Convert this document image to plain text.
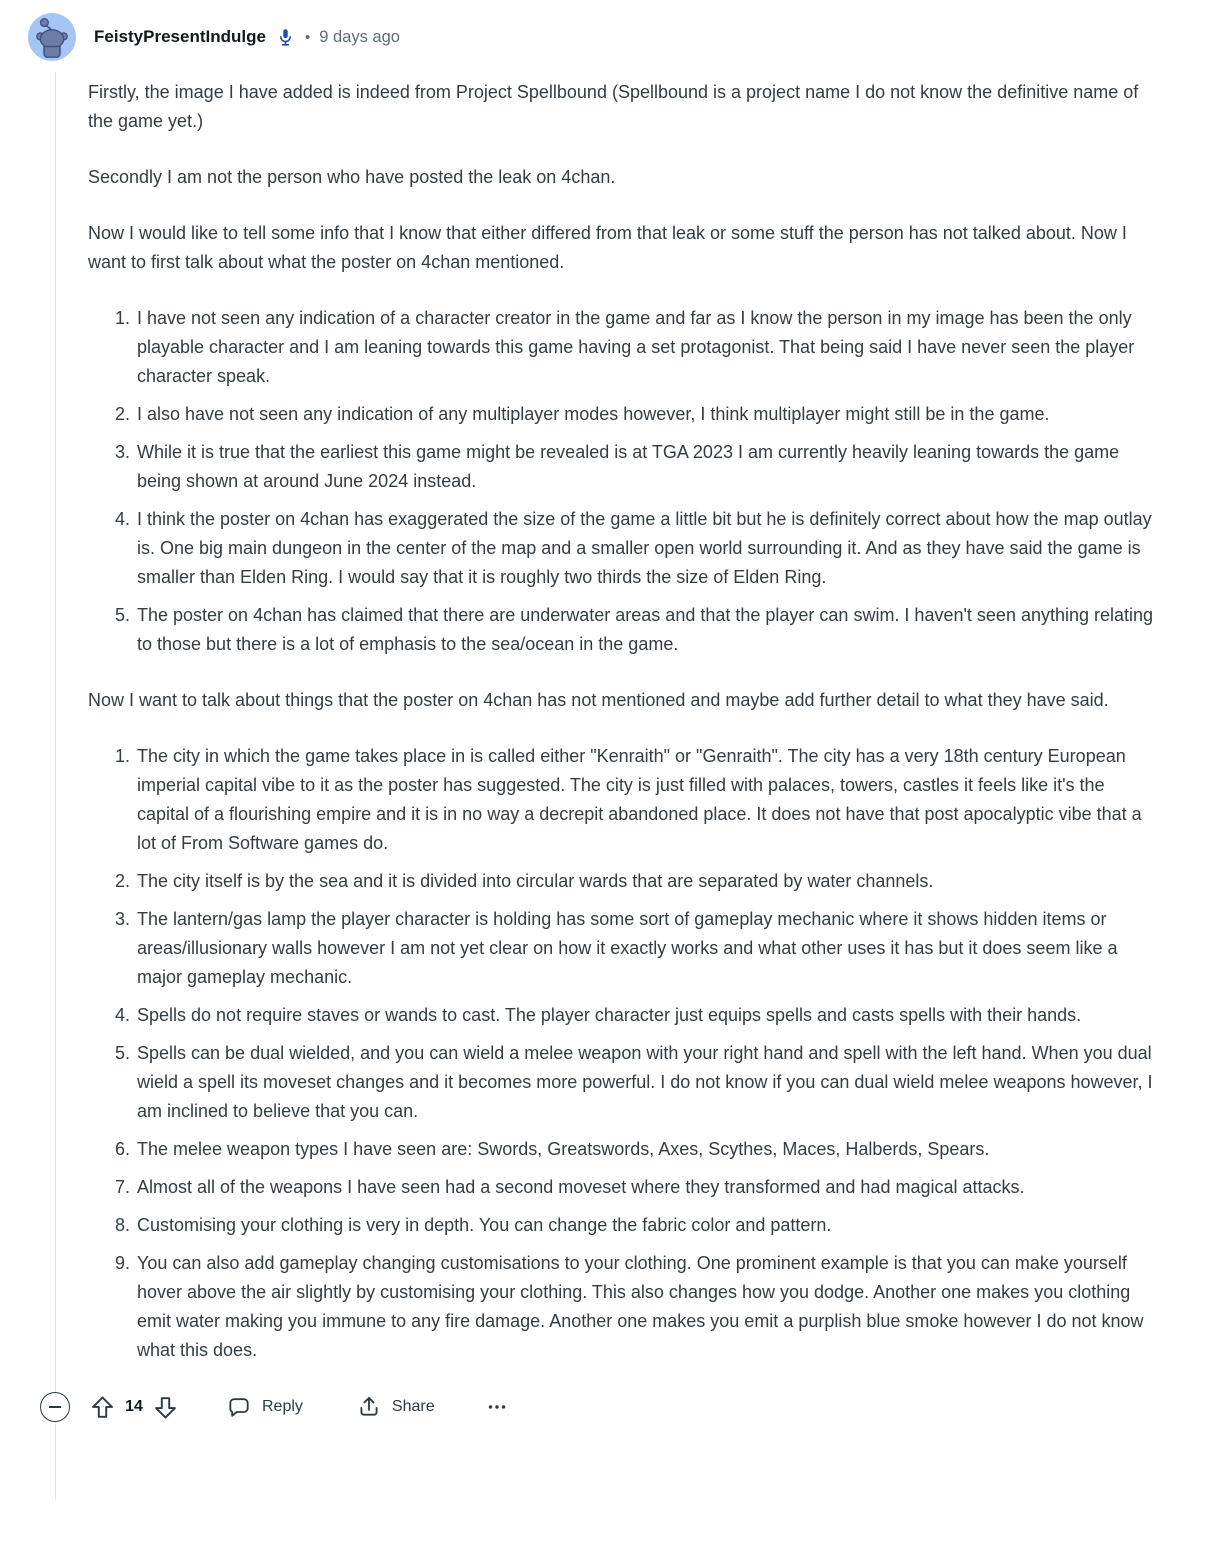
FeistyPresentIndulge	• 9 days ago

Firstly, the image I have added is indeed from Project Spellbound (Spellbound is a project name I do not know the definitive name of the game yet.)

Secondly I am not the person who have posted the leak on 4chan.

Now I would like to tell some info that I know that either differed from that leak or some stuff the person has not talked about. Now I want to first talk about what the poster on 4chan mentioned.

1. I have not seen any indication of a character creator in the game and far as I know the person in my image has been the only playable character and I am leaning towards this game having a set protagonist. That being said I have never seen the player character speak.
2. I also have not seen any indication of any multiplayer modes however, I think multiplayer might still be in the game.
3. While it is true that the earliest this game might be revealed is at TGA 2023 I am currently heavily leaning towards the game being shown at around June 2024 instead.
4. I think the poster on 4chan has exaggerated the size of the game a little bit but he is definitely correct about how the map outlay is. One big main dungeon in the center of the map and a smaller open world surrounding it. And as they have said the game is smaller than Elden Ring. I would say that it is roughly two thirds the size of Elden Ring.
5. The poster on 4chan has claimed that there are underwater areas and that the player can swim. I haven't seen anything relating to those but there is a lot of emphasis to the sea/ocean in the game.

Now I want to talk about things that the poster on 4chan has not mentioned and maybe add further detail to what they have said.

1. The city in which the game takes place in is called either "Kenraith" or "Genraith". The city has a very 18th century European imperial capital vibe to it as the poster has suggested. The city is just filled with palaces, towers, castles it feels like it's the capital of a flourishing empire and it is in no way a decrepit abandoned place. It does not have that post apocalyptic vibe that a lot of From Software games do.
2. The city itself is by the sea and it is divided into circular wards that are separated by water channels.
3. The lantern/gas lamp the player character is holding has some sort of gameplay mechanic where it shows hidden items or areas/illusionary walls however I am not yet clear on how it exactly works and what other uses it has but it does seem like a major gameplay mechanic.
4. Spells do not require staves or wands to cast. The player character just equips spells and casts spells with their hands.
5. Spells can be dual wielded, and you can wield a melee weapon with your right hand and spell with the left hand. When you dual wield a spell its moveset changes and it becomes more powerful. I do not know if you can dual wield melee weapons however, I am inclined to believe that you can.
6. The melee weapon types I have seen are: Swords, Greatswords, Axes, Scythes, Maces, Halberds, Spears.
7. Almost all of the weapons I have seen had a second moveset where they transformed and had magical attacks.
8. Customising your clothing is very in depth. You can change the fabric color and pattern.
9. You can also add gameplay changing customisations to your clothing. One prominent example is that you can make yourself hover above the air slightly by customising your clothing. This also changes how you dodge. Another one makes you clothing emit water making you immune to any fire damage. Another one makes you emit a purplish blue smoke however I do not know what this does.
14	Reply	Share
